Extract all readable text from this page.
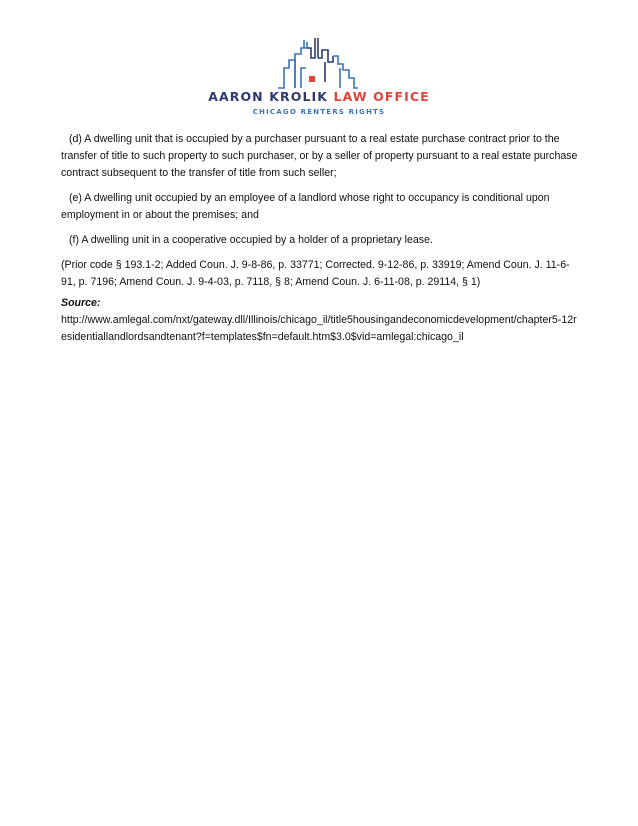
AARON KROLIK LAW OFFICE
CHICAGO RENTERS RIGHTS

(d) A dwelling unit that is occupied by a purchaser pursuant to a real estate purchase contract prior to the transfer of title to such property to such purchaser, or by a seller of property pursuant to a real estate purchase contract subsequent to the transfer of title from such seller;

(e) A dwelling unit occupied by an employee of a landlord whose right to occupancy is conditional upon employment in or about the premises; and

(f) A dwelling unit in a cooperative occupied by a holder of a proprietary lease.

(Prior code § 193.1-2; Added Coun. J. 9-8-86, p. 33771; Corrected. 9-12-86, p. 33919; Amend Coun. J. 11-6-91, p. 7196; Amend Coun. J. 9-4-03, p. 7118, § 8; Amend Coun. J. 6-11-08, p. 29114, § 1)

Source:

http://www.amlegal.com/nxt/gateway.dll/Illinois/chicago_il/title5housingandeconomicdevelopment/chapter5-12residentiallandlordsandtenant?f=templates$fn=default.htm$3.0$vid=amlegal:chicago_il
